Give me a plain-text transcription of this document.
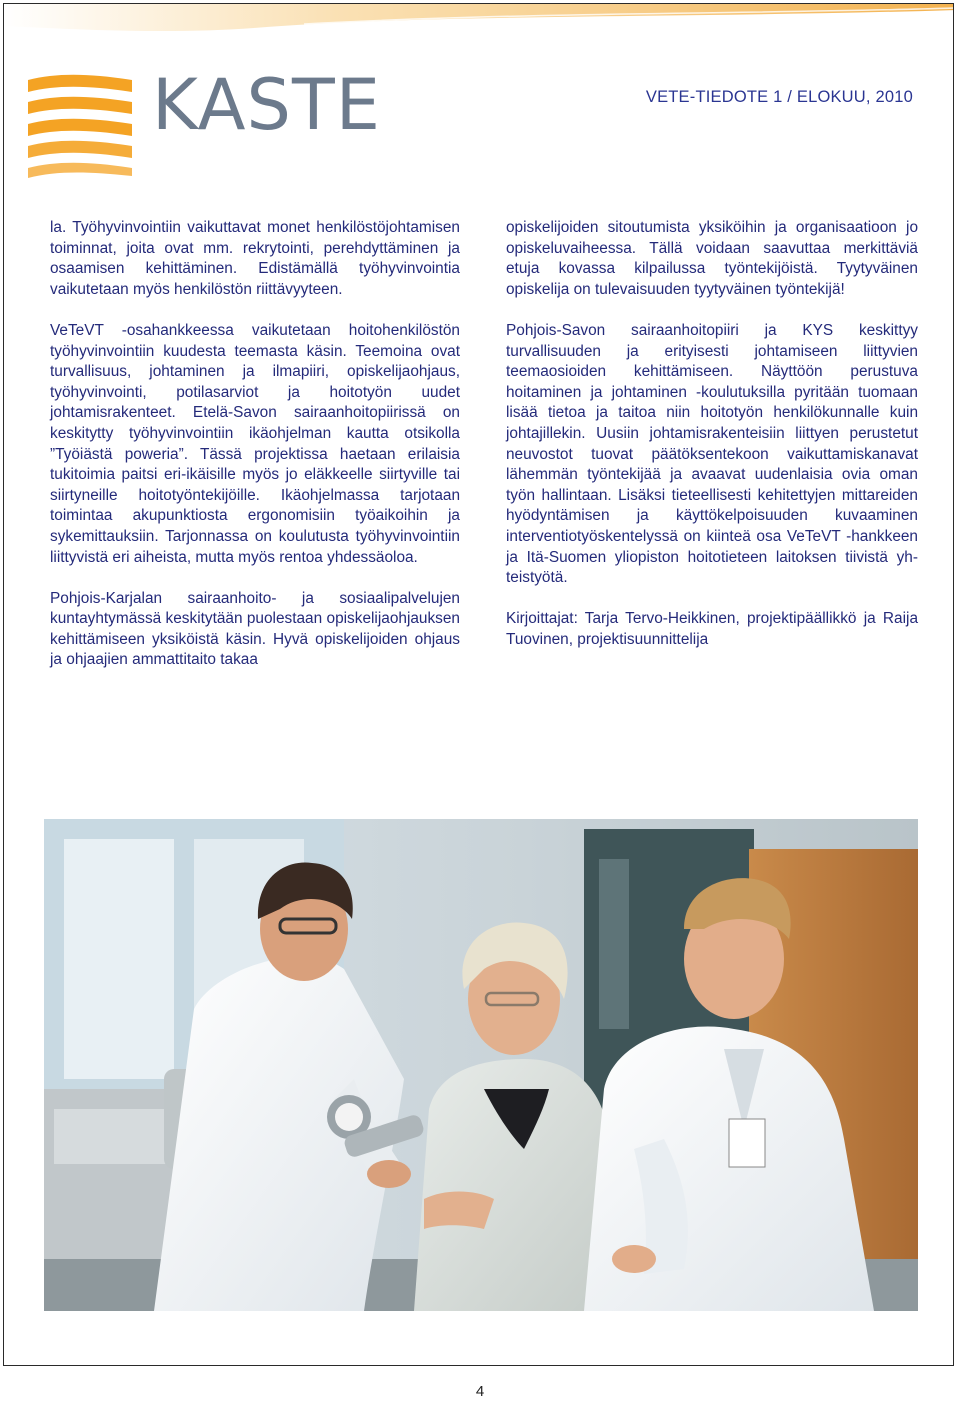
KASTE	VETE-TIEDOTE 1 / ELOKUU, 2010

la. Työhyvinvointiin vaikuttavat monet henkilöstöjohtamisen toiminnat, joita ovat mm. rekrytointi, perehdyttäminen ja osaamisen kehittäminen. Edistämällä työhyvinvointia vaikutetaan myös henkilöstön riittävyyteen.

VeTeVT -osahankkeessa vaikutetaan hoitohenkilöstön työhyvinvointiin kuudesta teemasta käsin. Teemoina ovat turvallisuus, johtaminen ja ilmapiiri, opiskelijaohjaus, työhyvinvointi, potilasarviot ja hoitotyön uudet johtamisrakenteet. Etelä-Savon sairaanhoitopiirissä on keskitytty työhyvinvointiin ikäohjelman kautta otsikolla ”Työiästä poweria”. Tässä projektissa haetaan erilaisia tukitoimia paitsi eri-ikäisille myös jo eläkkeelle siirtyville tai siirtyneille hoitotyöntekijöille. Ikäohjelmassa tarjotaan toimintaa akupunktiosta ergonomisiin työaikoihin ja sykemittauksiin. Tarjonnassa on koulutusta työhyvinvointiin liittyvistä eri aiheista, mutta myös rentoa yhdessäoloa.

Pohjois-Karjalan sairaanhoito- ja sosiaalipalvelujen kuntayhtymässä keskitytään puolestaan opiskelijaohjauksen kehittämiseen yksiköistä käsin. Hyvä opiskelijoiden ohjaus ja ohjaajien ammattitaito takaa

opiskelijoiden sitoutumista yksiköihin ja organisaatioon jo opiskeluvaiheessa. Tällä voidaan saavuttaa merkittäviä etuja kovassa kilpailussa työntekijöistä. Tyytyväinen opiskelija on tulevaisuuden tyytyväinen työntekijä!

Pohjois-Savon sairaanhoitopiiri ja KYS keskittyy turvallisuuden ja erityisesti johtamiseen liittyvien teemaosioiden kehittämiseen. Näyttöön perustuva hoitaminen ja johtaminen -koulutuksilla pyritään tuomaan lisää tietoa ja taitoa niin hoitotyön henkilökunnalle kuin johtajillekin. Uusiin johtamisrakenteisiin liittyen perustetut neuvostot tuovat päätöksentekoon vaikuttamiskanavat lähemmän työntekijää ja avaavat uudenlaisia ovia oman työn hallintaan. Lisäksi tieteellisesti kehitettyjen mittareiden hyödyntämisen ja käyttökelpoisuuden kuvaaminen interventiotyöskentelyssä on kiinteä osa VeTeVT -hankkeen ja Itä-Suomen yliopiston hoitotieteen laitoksen tiivistä yhteistyötä.

Kirjoittajat: Tarja Tervo-Heikkinen, projektipäällikkö ja Raija Tuovinen, projektisuunnittelija

4
